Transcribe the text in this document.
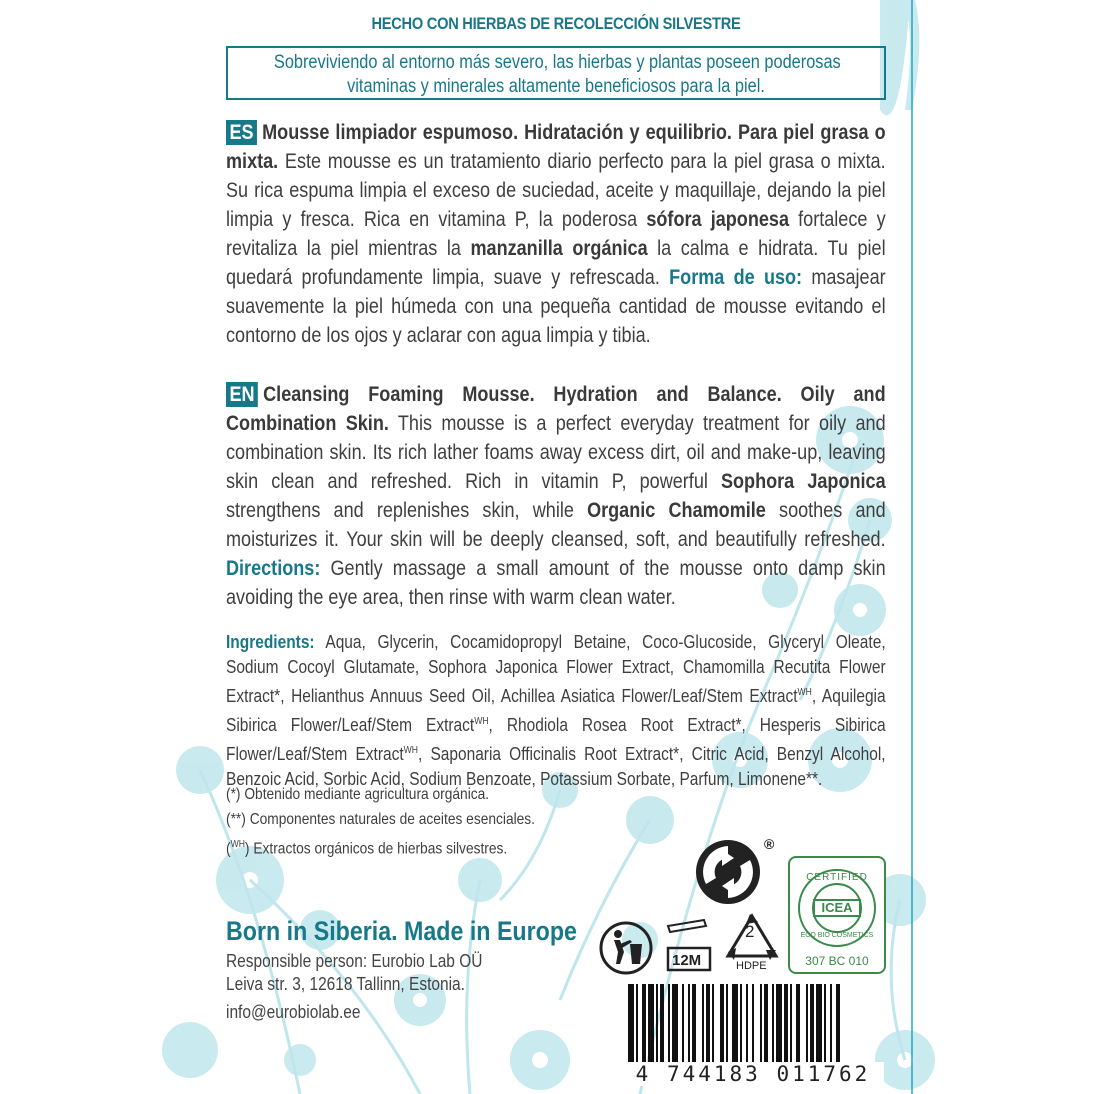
HECHO CON HIERBAS DE RECOLECCIÓN SILVESTRE
Sobreviviendo al entorno más severo, las hierbas y plantas poseen poderosas
vitaminas y minerales altamente beneficiosos para la piel.
ES Mousse limpiador espumoso. Hidratación y equilibrio. Para piel grasa o mixta. Este mousse es un tratamiento diario perfecto para la piel grasa o mixta. Su rica espuma limpia el exceso de suciedad, aceite y maquillaje, dejando la piel limpia y fresca. Rica en vitamina P, la poderosa sófora japonesa fortalece y revitaliza la piel mientras la manzanilla orgánica la calma e hidrata. Tu piel quedará profundamente limpia, suave y refrescada. Forma de uso: masajear suavemente la piel húmeda con una pequeña cantidad de mousse evitando el contorno de los ojos y aclarar con agua limpia y tibia.
EN Cleansing Foaming Mousse. Hydration and Balance. Oily and Combination Skin. This mousse is a perfect everyday treatment for oily and combination skin. Its rich lather foams away excess dirt, oil and make-up, leaving skin clean and refreshed. Rich in vitamin P, powerful Sophora Japonica strengthens and replenishes skin, while Organic Chamomile soothes and moisturizes it. Your skin will be deeply cleansed, soft, and beautifully refreshed. Directions: Gently massage a small amount of the mousse onto damp skin avoiding the eye area, then rinse with warm clean water.
Ingredients: Aqua, Glycerin, Cocamidopropyl Betaine, Coco-Glucoside, Glyceryl Oleate, Sodium Cocoyl Glutamate, Sophora Japonica Flower Extract, Chamomilla Recutita Flower Extract*, Helianthus Annuus Seed Oil, Achillea Asiatica Flower/Leaf/Stem Extract$^{WH}$, Aquilegia Sibirica Flower/Leaf/Stem Extract$^{WH}$, Rhodiola Rosea Root Extract*, Hesperis Sibirica Flower/Leaf/Stem Extract$^{WH}$, Saponaria Officinalis Root Extract*, Citric Acid, Benzyl Alcohol, Benzoic Acid, Sorbic Acid, Sodium Benzoate, Potassium Sorbate, Parfum, Limonene**.
(*) Obtenido mediante agricultura orgánica.
(**) Componentes naturales de aceites esenciales.
($^{WH}$) Extractos orgánicos de hierbas silvestres.
Born in Siberia. Made in Europe
Responsible person: Eurobio Lab OÜ
Leiva str. 3, 12618 Tallinn, Estonia.
info@eurobiolab.ee
®
12M
2
HDPE
CERTIFIED
ICEA
ECO BIO COSMETICS
307 BC 010
4 744183 011762
